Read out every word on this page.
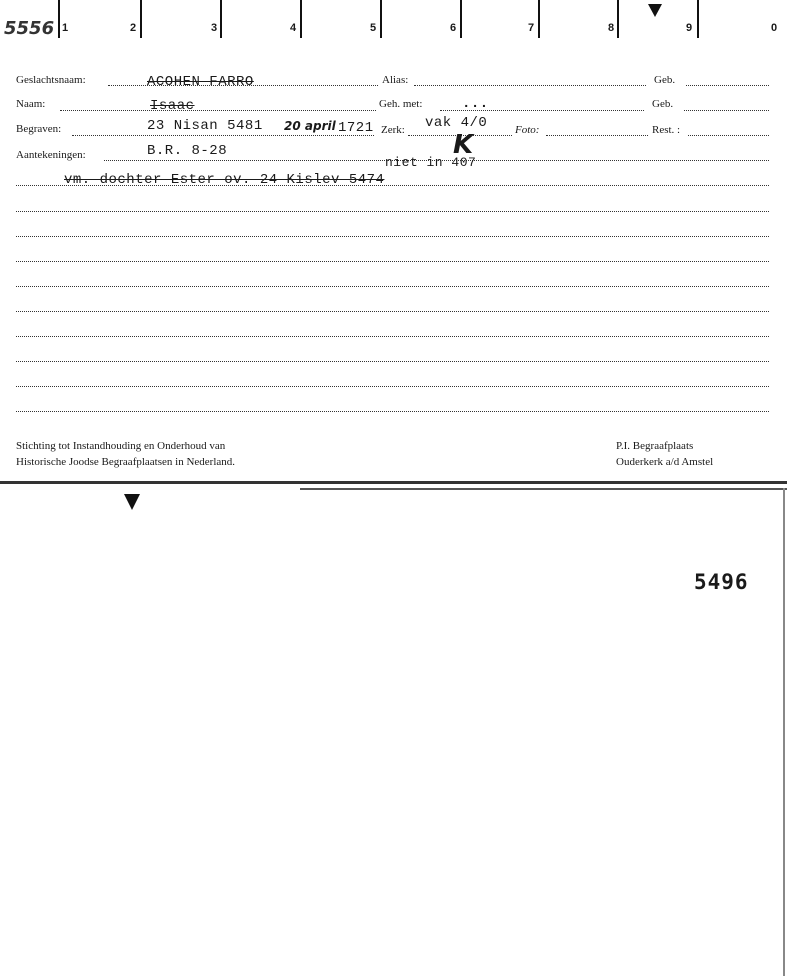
5556 1	2	3	4	5	6	7	8	9	0
Geslachtsnaam:	ACOHEN FARRO	Alias:	Geb.
Naam:	Isaac	Geh. met:	...	Geb.
Begraven:	23 Nisan 5481 20 april 1721 Zerk: vak 4/0	Foto:	Rest. :
Aantekeningen:	B.R. 8-28	K
niet in 407
vm. dochter Ester ov. 24 Kislev 5474
Stichting tot Instandhouding en Onderhoud van
Historische Joodse Begraafplaatsen in Nederland.
P.I. Begraafplaats
Ouderkerk a/d Amstel
5496
